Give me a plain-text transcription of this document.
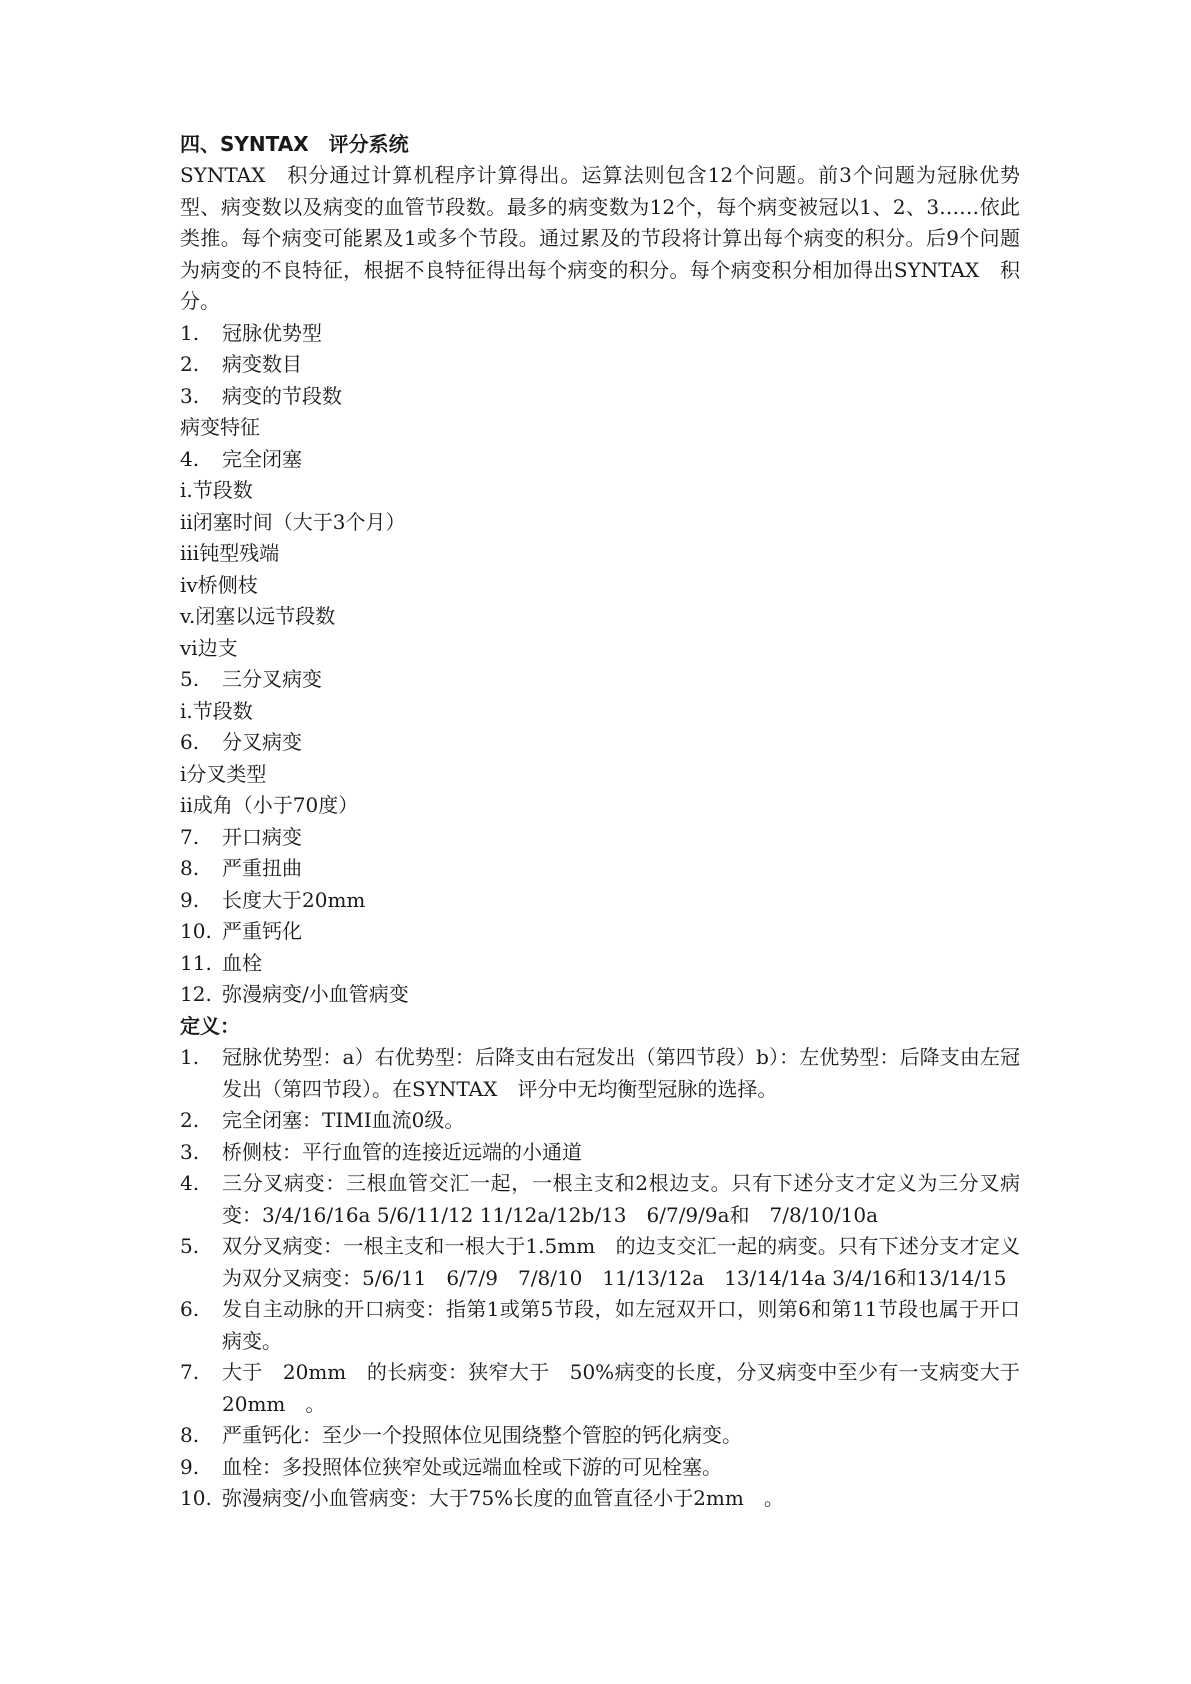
四、SYNTAX　评分系统
SYNTAX　积分通过计算机程序计算得出。运算法则包含12个问题。前3个问题为冠脉优势型、病变数以及病变的血管节段数。最多的病变数为12个，每个病变被冠以1、2、3……依此类推。每个病变可能累及1或多个节段。通过累及的节段将计算出每个病变的积分。后9个问题为病变的不良特征，根据不良特征得出每个病变的积分。每个病变积分相加得出SYNTAX　积分。
1. 冠脉优势型
2. 病变数目
3. 病变的节段数
病变特征
4. 完全闭塞
i.节段数
ii闭塞时间（大于3个月）
iii钝型残端
iv桥侧枝
v.闭塞以远节段数
vi边支
5. 三分叉病变
i.节段数
6. 分叉病变
i分叉类型
ii成角（小于70度）
7. 开口病变
8. 严重扭曲
9. 长度大于20mm
10. 严重钙化
11. 血栓
12. 弥漫病变/小血管病变
定义：
1. 冠脉优势型：a）右优势型：后降支由右冠发出（第四节段）b）：左优势型：后降支由左冠发出（第四节段）。在SYNTAX　评分中无均衡型冠脉的选择。
2. 完全闭塞：TIMI血流0级。
3. 桥侧枝：平行血管的连接近远端的小通道
4. 三分叉病变：三根血管交汇一起，一根主支和2根边支。只有下述分支才定义为三分叉病变：3/4/16/16a 5/6/11/12 11/12a/12b/13　6/7/9/9a和　7/8/10/10a
5. 双分叉病变：一根主支和一根大于1.5mm　的边支交汇一起的病变。只有下述分支才定义为双分叉病变：5/6/11　6/7/9　7/8/10　11/13/12a　13/14/14a 3/4/16和13/14/15
6. 发自主动脉的开口病变：指第1或第5节段，如左冠双开口，则第6和第11节段也属于开口病变。
7. 大于　20mm　的长病变：狭窄大于　50%病变的长度，分叉病变中至少有一支病变大于20mm　。
8. 严重钙化：至少一个投照体位见围绕整个管腔的钙化病变。
9. 血栓：多投照体位狭窄处或远端血栓或下游的可见栓塞。
10. 弥漫病变/小血管病变：大于75%长度的血管直径小于2mm　。
